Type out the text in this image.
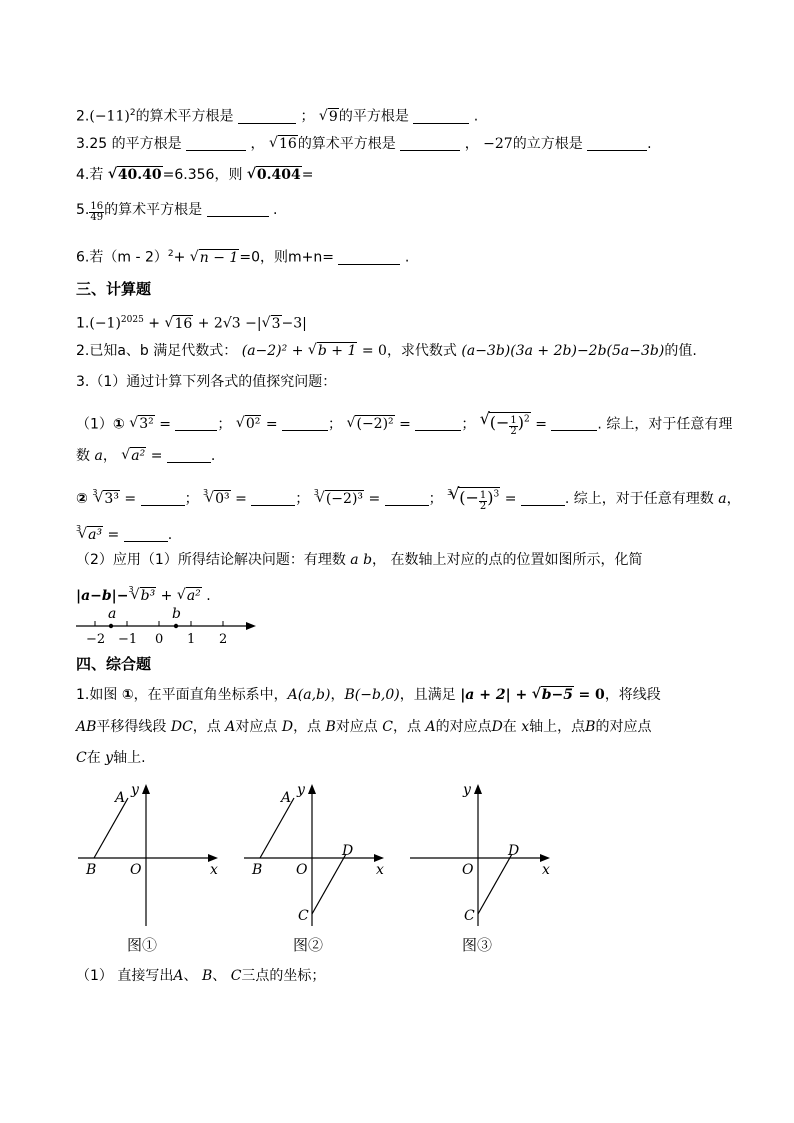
$2.(-11)^2$的算术平方根是	； √ 9的平方根是	.
3.25 的平方根是	， √ 16的算术平方根是	， −27的立方根是	.
4.若 √ 40.40=6.356，则 √ 0.404=
5. $\frac{16}{49}$ 的算术平方根是	.
6.若（m - 2）$^2$+ √ n − 1=0，则m+n=	.
三、计算题
$1.(-1)^{2025}$ + √ 16 + 2√3 −| √ 3−3|
2.已知a、b 满足代数式： (a−2)² + √ b + 1 = 0，求代数式 (a−3b)(3a + 2b)−2b(5a−3b)的值.
3.（1）通过计算下列各式的值探究问题：
（1）① √ 3² =	； √ 0² =	； √ (−2)² =	； √ (− $\frac{1}{2} )^2$ =	. 综上，对于任意有理
数 a， √ a² =	.
② $^3$ √ 3³ =	； $^3$ √ 0³ =	； $^3$ √ (−2)³ =	； $^3$ √ (− $\frac{1}{2} )^3$ =	. 综上，对于任意有理数 a，
$^3$ √ a³ =	.
（2）应用（1）所得结论解决问题：有理数 a b， 在数轴上对应的点的位置如图所示，化简
|a−b|−$^3$ √ b³ + √ a² .
a	b
−2 −1 0 1 2
四、综合题
1.如图 ①，在平面直角坐标系中，A(a,b)，B(−b,0)，且满足 |a + 2| + √ b−5 = 0，将线段
AB平移得线段 DC，点 A对应点 D，点 B对应点 C，点 A的对应点D在 x轴上，点B的对应点
C在 y轴上.
A
B O	x
y
图①
A
B O
D
C
x
y
图②
O
D
C
x
y
图③
（1） 直接写出A、 B、 C三点的坐标；
